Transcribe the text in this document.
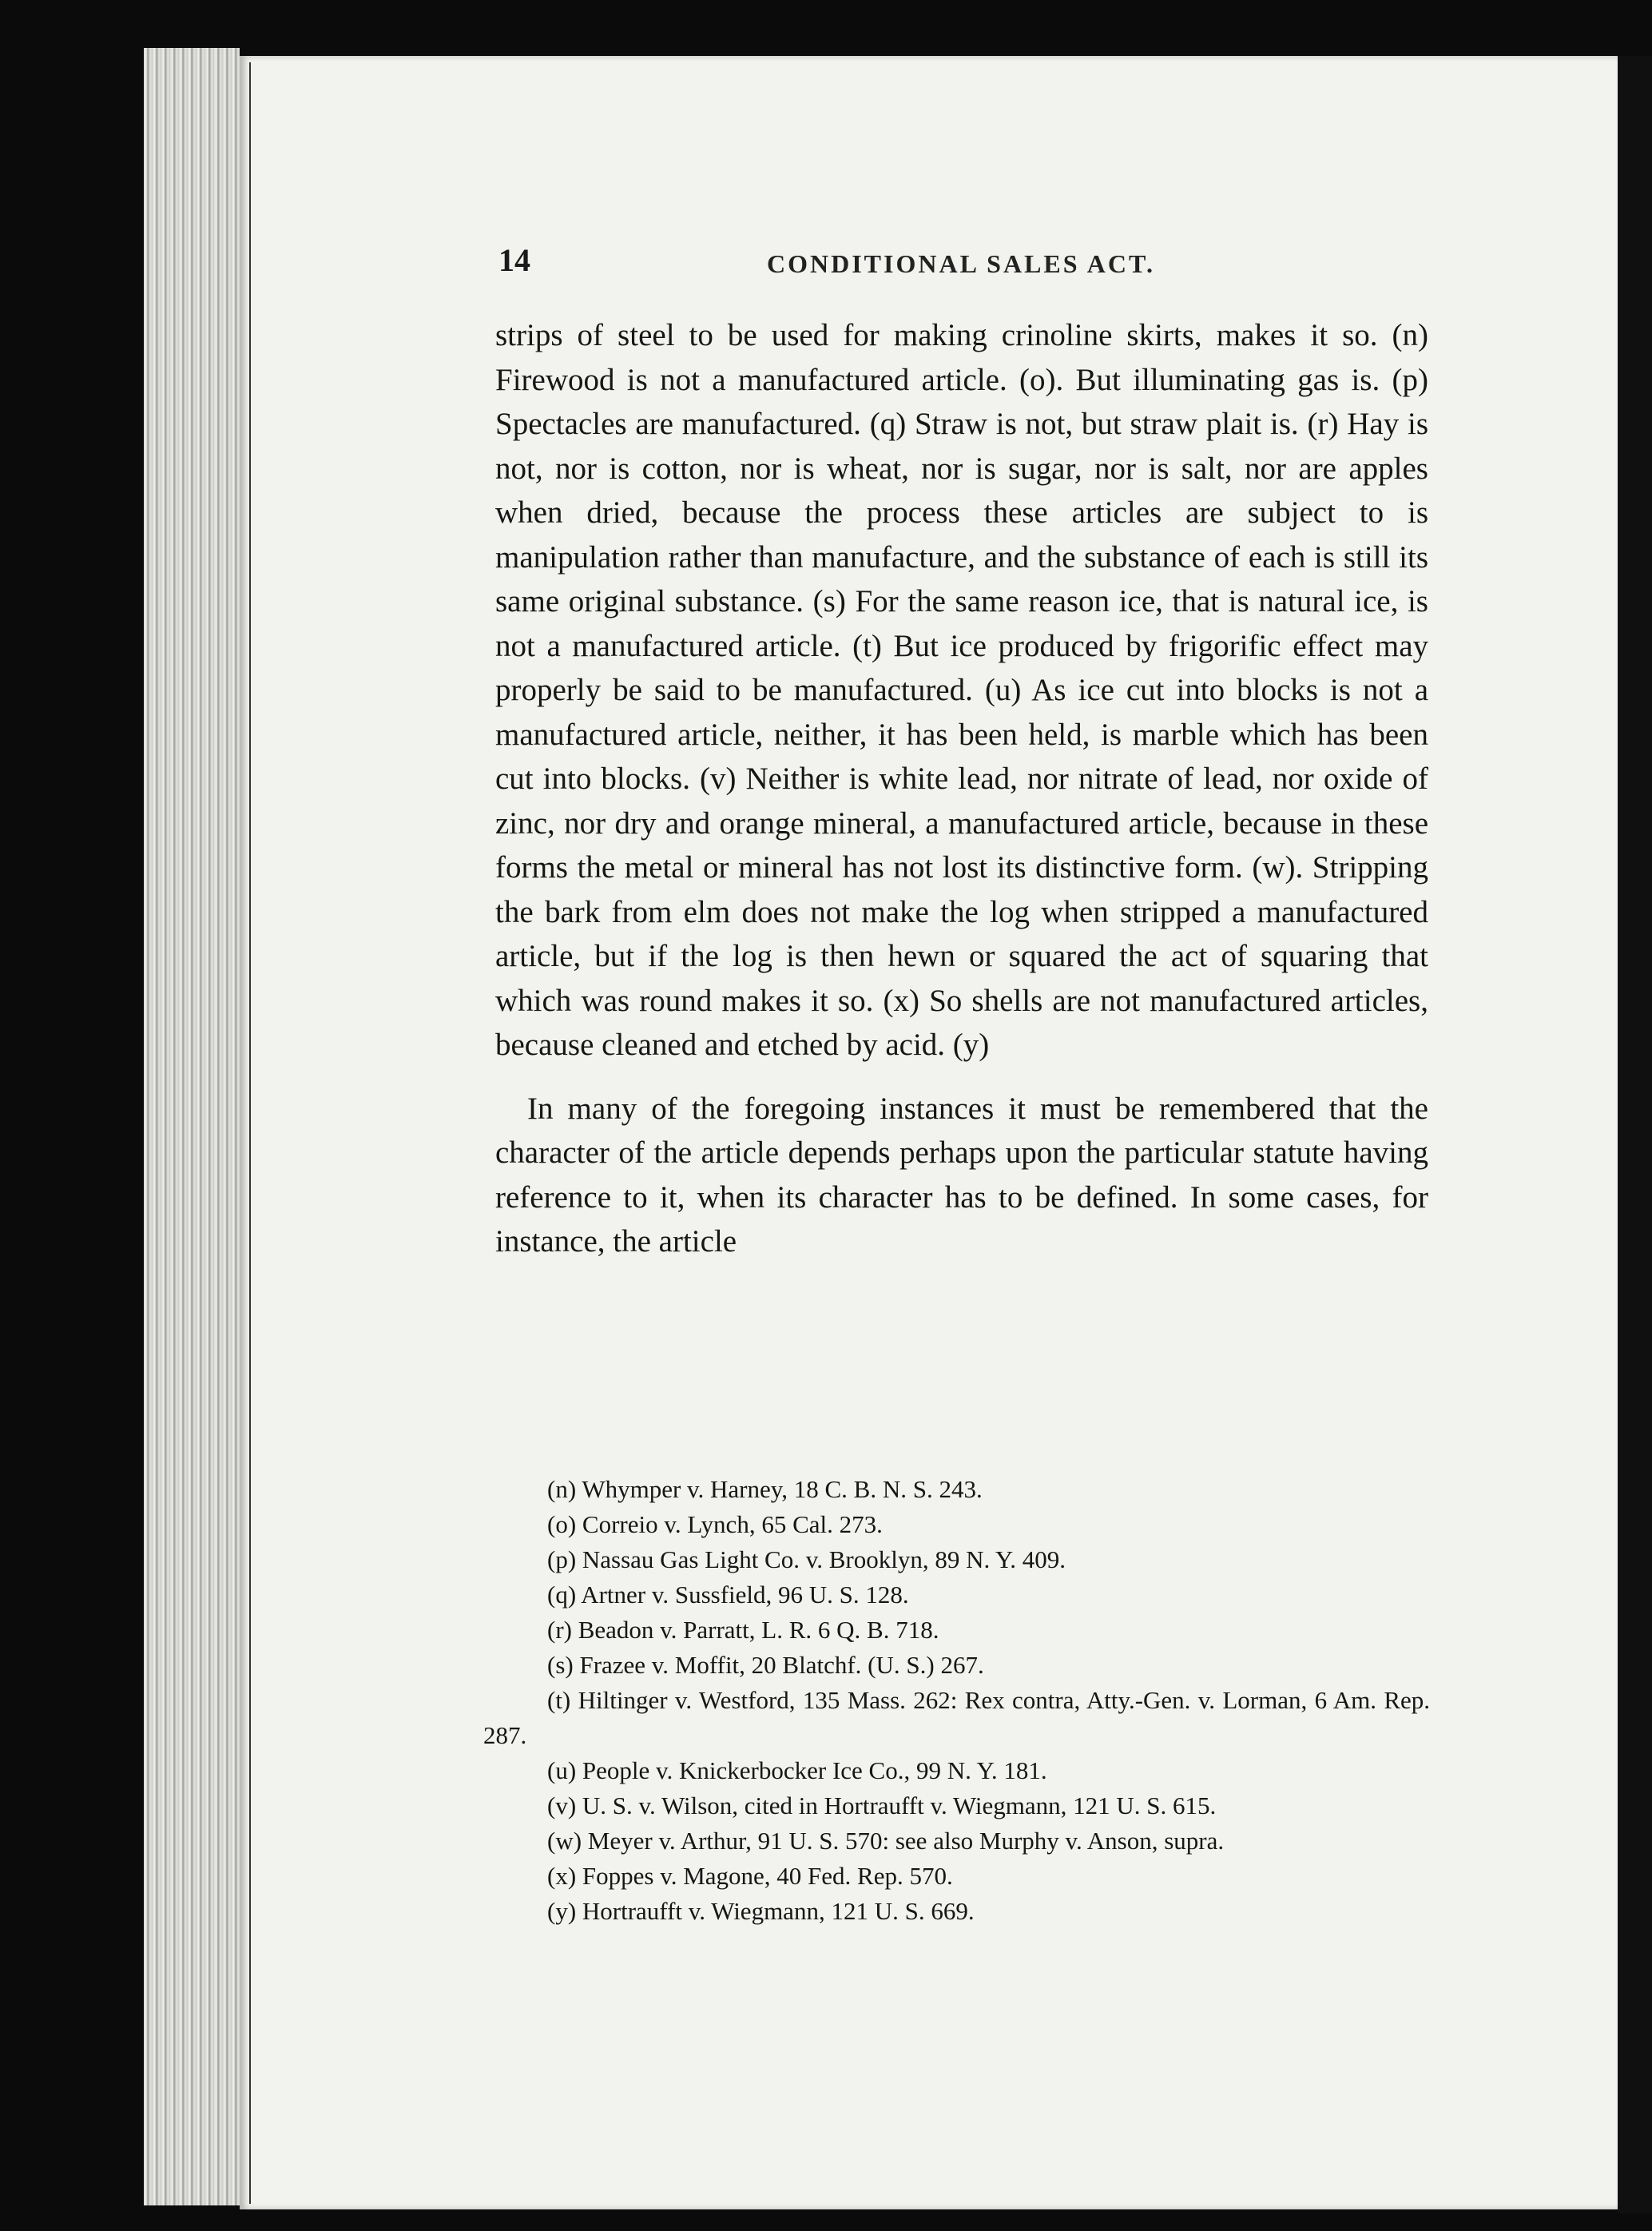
14	CONDITIONAL SALES ACT.

strips of steel to be used for making crinoline skirts, makes it so. (n) Firewood is not a manufactured article. (o). But illuminating gas is. (p) Spectacles are manufactured. (q) Straw is not, but straw plait is. (r) Hay is not, nor is cotton, nor is wheat, nor is sugar, nor is salt, nor are apples when dried, because the process these articles are subject to is manipulation rather than manufacture, and the substance of each is still its same original substance. (s) For the same reason ice, that is natural ice, is not a manufactured article. (t) But ice produced by frigorific effect may properly be said to be manufactured. (u) As ice cut into blocks is not a manufactured article, neither, it has been held, is marble which has been cut into blocks. (v) Neither is white lead, nor nitrate of lead, nor oxide of zinc, nor dry and orange mineral, a manufactured article, because in these forms the metal or mineral has not lost its distinctive form. (w). Stripping the bark from elm does not make the log when stripped a manufactured article, but if the log is then hewn or squared the act of squaring that which was round makes it so. (x) So shells are not manufactured articles, because cleaned and etched by acid. (y)

In many of the foregoing instances it must be remembered that the character of the article depends perhaps upon the particular statute having reference to it, when its character has to be defined. In some cases, for instance, the article

(n) Whymper v. Harney, 18 C. B. N. S. 243.
(o) Correio v. Lynch, 65 Cal. 273.
(p) Nassau Gas Light Co. v. Brooklyn, 89 N. Y. 409.
(q) Artner v. Sussfield, 96 U. S. 128.
(r) Beadon v. Parratt, L. R. 6 Q. B. 718.
(s) Frazee v. Moffit, 20 Blatchf. (U. S.) 267.
(t) Hiltinger v. Westford, 135 Mass. 262: Rex contra, Atty.-Gen. v. Lorman, 6 Am. Rep. 287.
(u) People v. Knickerbocker Ice Co., 99 N. Y. 181.
(v) U. S. v. Wilson, cited in Hortraufft v. Wiegmann, 121 U. S. 615.
(w) Meyer v. Arthur, 91 U. S. 570: see also Murphy v. Anson, supra.
(x) Foppes v. Magone, 40 Fed. Rep. 570.
(y) Hortraufft v. Wiegmann, 121 U. S. 669.
